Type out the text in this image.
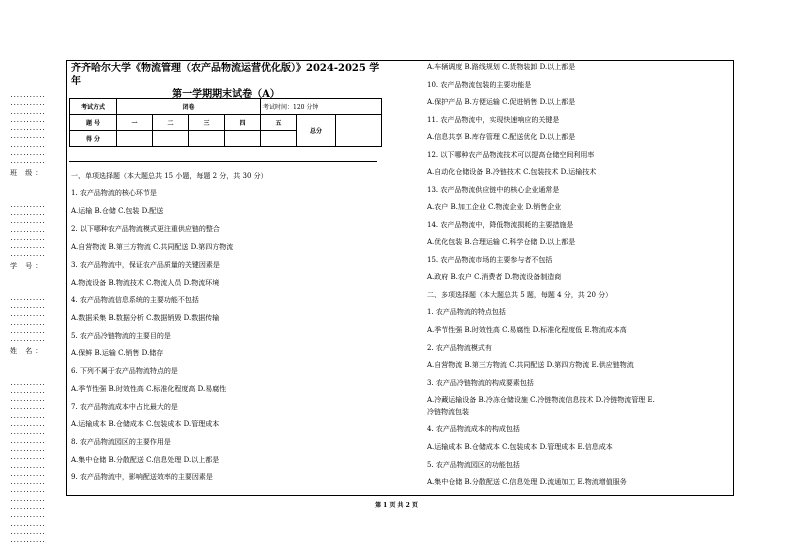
...........
...........
...........
...........
...........
...........
...........
...........
...........
班 级：
...........
...........
...........
...........
...........
...........
...........
学 号：
...........
...........
...........
...........
...........
...........
姓 名：
...........
...........
...........
...........
...........
...........
...........
...........
...........
...........
...........
...........
...........
...........
...........
...........
...........
...........
...........
...........
齐齐哈尔大学《物流管理（农产品物流运营优化版）》2024-2025 学年
第一学期期末试卷（A）
考试方式	闭卷				考试时间：120 分钟		
题 号	一	二	三	四	五	总分	
得 分							
一、单项选择题（本大题总共 15 小题，每题 2 分，共 30 分）
1. 农产品物流的核心环节是
A.运输 B.仓储 C.包装 D.配送
2. 以下哪种农产品物流模式更注重供应链的整合
A.自营物流 B.第三方物流 C.共同配送 D.第四方物流
3. 农产品物流中，保证农产品质量的关键因素是
A.物流设备 B.物流技术 C.物流人员 D.物流环境
4. 农产品物流信息系统的主要功能不包括
A.数据采集 B.数据分析 C.数据销毁 D.数据传输
5. 农产品冷链物流的主要目的是
A.保鲜 B.运输 C.销售 D.储存
6. 下列不属于农产品物流特点的是
A.季节性强 B.时效性高 C.标准化程度高 D.易腐性
7. 农产品物流成本中占比最大的是
A.运输成本 B.仓储成本 C.包装成本 D.管理成本
8. 农产品物流园区的主要作用是
A.集中仓储 B.分散配送 C.信息处理 D.以上都是
9. 农产品物流中，影响配送效率的主要因素是
A.车辆调度 B.路线规划 C.货物装卸 D.以上都是
10. 农产品物流包装的主要功能是
A.保护产品 B.方便运输 C.促进销售 D.以上都是
11. 农产品物流中，实现快速响应的关键是
A.信息共享 B.库存管理 C.配送优化 D.以上都是
12. 以下哪种农产品物流技术可以提高仓储空间利用率
A.自动化仓储设备 B.冷链技术 C.包装技术 D.运输技术
13. 农产品物流供应链中的核心企业通常是
A.农户 B.加工企业 C.物流企业 D.销售企业
14. 农产品物流中，降低物流损耗的主要措施是
A.优化包装 B.合理运输 C.科学仓储 D.以上都是
15. 农产品物流市场的主要参与者不包括
A.政府 B.农户 C.消费者 D.物流设备制造商
二、多项选择题（本大题总共 5 题，每题 4 分，共 20 分）
1. 农产品物流的特点包括
A.季节性强 B.时效性高 C.易腐性 D.标准化程度低 E.物流成本高
2. 农产品物流模式有
A.自营物流 B.第三方物流 C.共同配送 D.第四方物流 E.供应链物流
3. 农产品冷链物流的构成要素包括
A.冷藏运输设备 B.冷冻仓储设施 C.冷链物流信息技术 D.冷链物流管理 E.
冷链物流包装
4. 农产品物流成本的构成包括
A.运输成本 B.仓储成本 C.包装成本 D.管理成本 E.信息成本
5. 农产品物流园区的功能包括
A.集中仓储 B.分散配送 C.信息处理 D.流通加工 E.物流增值服务
第 1 页 共 2 页
